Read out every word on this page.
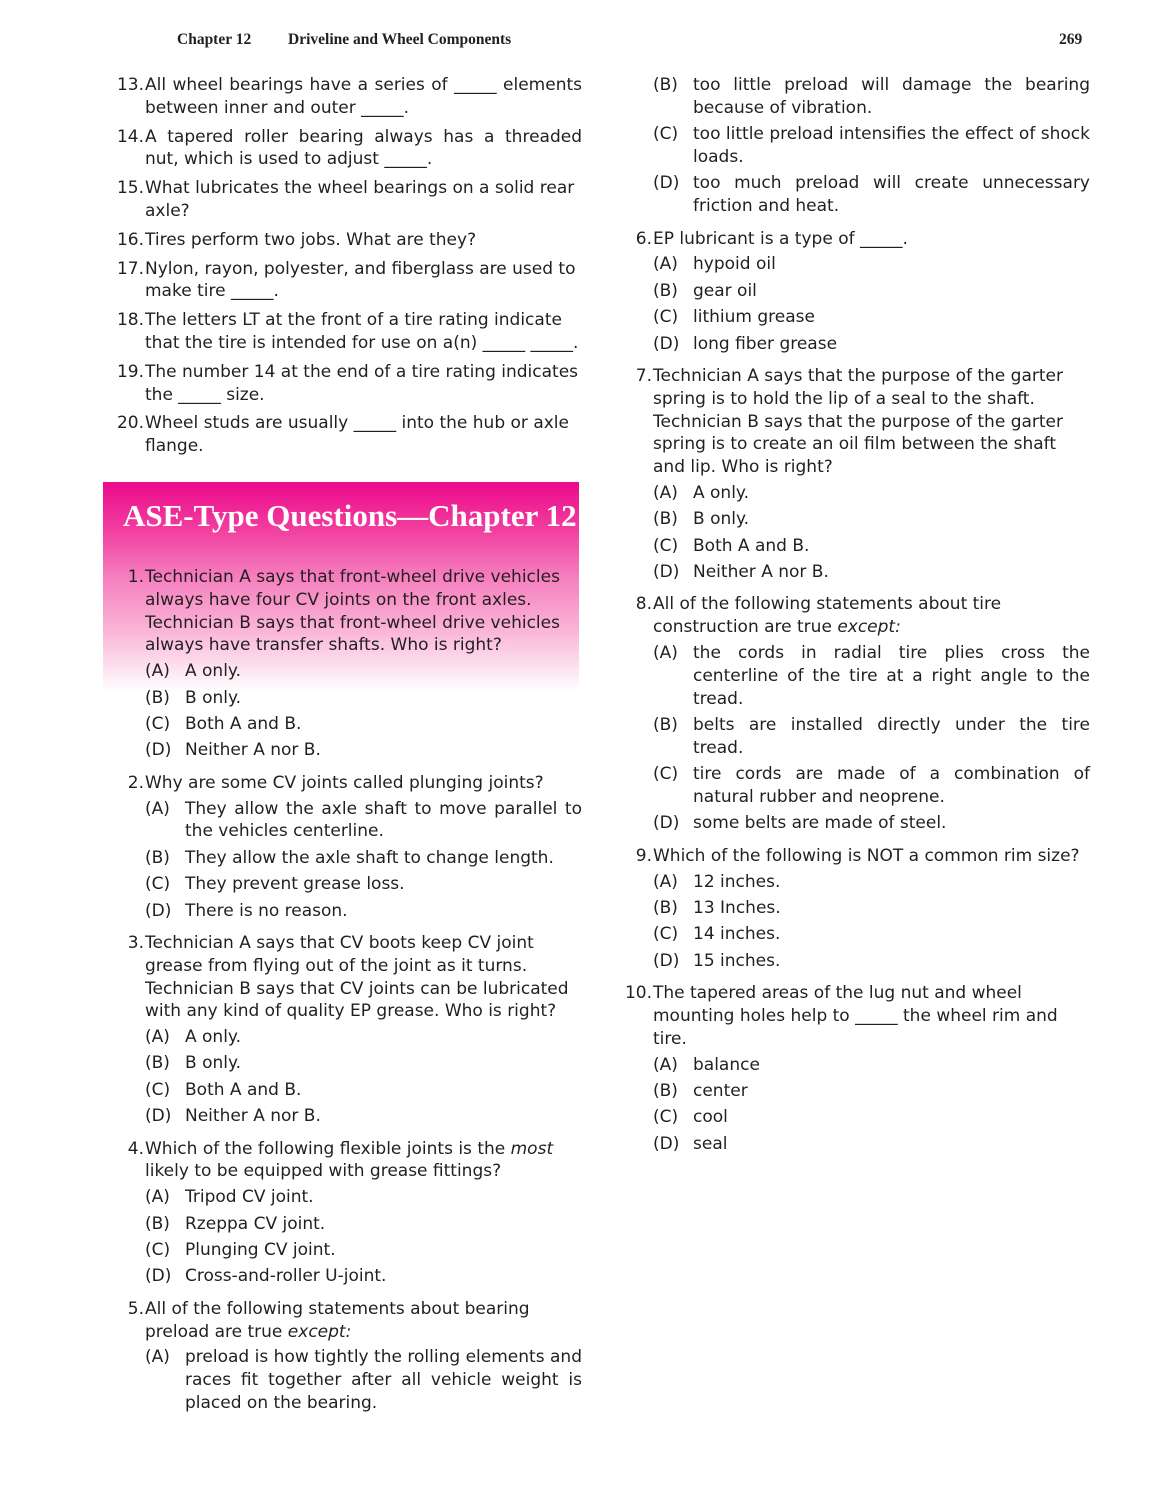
Chapter 12 Driveline and Wheel Components	269
13. All wheel bearings have a series of _____ elements between inner and outer _____.

14. A tapered roller bearing always has a threaded nut, which is used to adjust _____.

15. What lubricates the wheel bearings on a solid rear axle?

16. Tires perform two jobs. What are they?

17. Nylon, rayon, polyester, and fiberglass are used to make tire _____.

18. The letters LT at the front of a tire rating indicate that the tire is intended for use on a(n) _____ _____.

19. The number 14 at the end of a tire rating indicates the _____ size.

20. Wheel studs are usually _____ into the hub or axle flange.

ASE-Type Questions—Chapter 12
1. Technician A says that front-wheel drive vehicles always have four CV joints on the front axles. Technician B says that front-wheel drive vehicles always have transfer shafts. Who is right?

(A) A only.
(B) B only.
(C) Both A and B.
(D) Neither A nor B.
2. Why are some CV joints called plunging joints?

(A) They allow the axle shaft to move parallel to the vehicles centerline.
(B) They allow the axle shaft to change length.
(C) They prevent grease loss.
(D) There is no reason.
3. Technician A says that CV boots keep CV joint grease from flying out of the joint as it turns. Technician B says that CV joints can be lubricated with any kind of quality EP grease. Who is right?

(A) A only.
(B) B only.
(C) Both A and B.
(D) Neither A nor B.
4. Which of the following flexible joints is the most likely to be equipped with grease fittings?

(A) Tripod CV joint.
(B) Rzeppa CV joint.
(C) Plunging CV joint.
(D) Cross-and-roller U-joint.
5. All of the following statements about bearing preload are true except:

(A) preload is how tightly the rolling elements and races fit together after all vehicle weight is placed on the bearing.
(B) too little preload will damage the bearing because of vibration.
(C) too little preload intensifies the effect of shock loads.
(D) too much preload will create unnecessary friction and heat.
6. EP lubricant is a type of _____.

(A) hypoid oil
(B) gear oil
(C) lithium grease
(D) long fiber grease
7. Technician A says that the purpose of the garter spring is to hold the lip of a seal to the shaft. Technician B says that the purpose of the garter spring is to create an oil film between the shaft and lip. Who is right?

(A) A only.
(B) B only.
(C) Both A and B.
(D) Neither A nor B.
8. All of the following statements about tire construction are true except:

(A) the cords in radial tire plies cross the centerline of the tire at a right angle to the tread.
(B) belts are installed directly under the tire tread.
(C) tire cords are made of a combination of natural rubber and neoprene.
(D) some belts are made of steel.
9. Which of the following is NOT a common rim size?

(A) 12 inches.
(B) 13 Inches.
(C) 14 inches.
(D) 15 inches.
10. The tapered areas of the lug nut and wheel mounting holes help to _____ the wheel rim and tire.

(A) balance
(B) center
(C) cool
(D) seal
